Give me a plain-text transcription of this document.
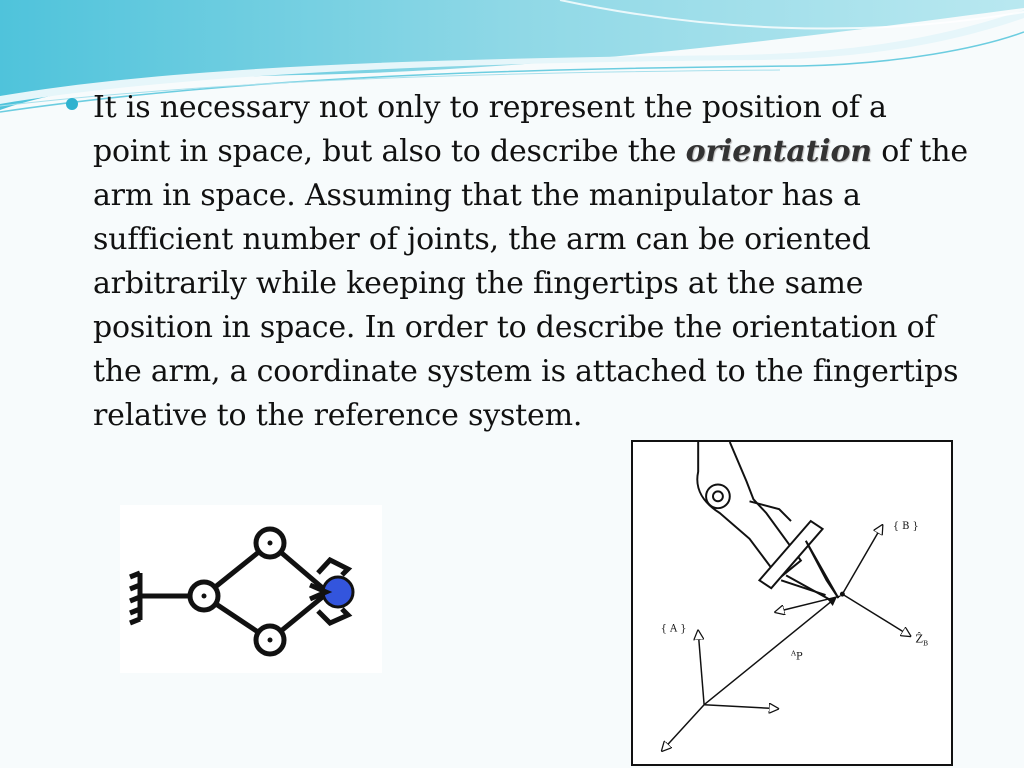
It is necessary not only to represent the position of a point in space, but also to describe the orientation of the arm in space. Assuming that the manipulator has a sufficient number of joints, the arm can be oriented arbitrarily while keeping the fingertips at the same position in space. In order to describe the orientation of the arm, a coordinate system is attached to the fingertips relative to the reference system.
{ B }
{ A }
Ẑ$_B$
$^A$P
